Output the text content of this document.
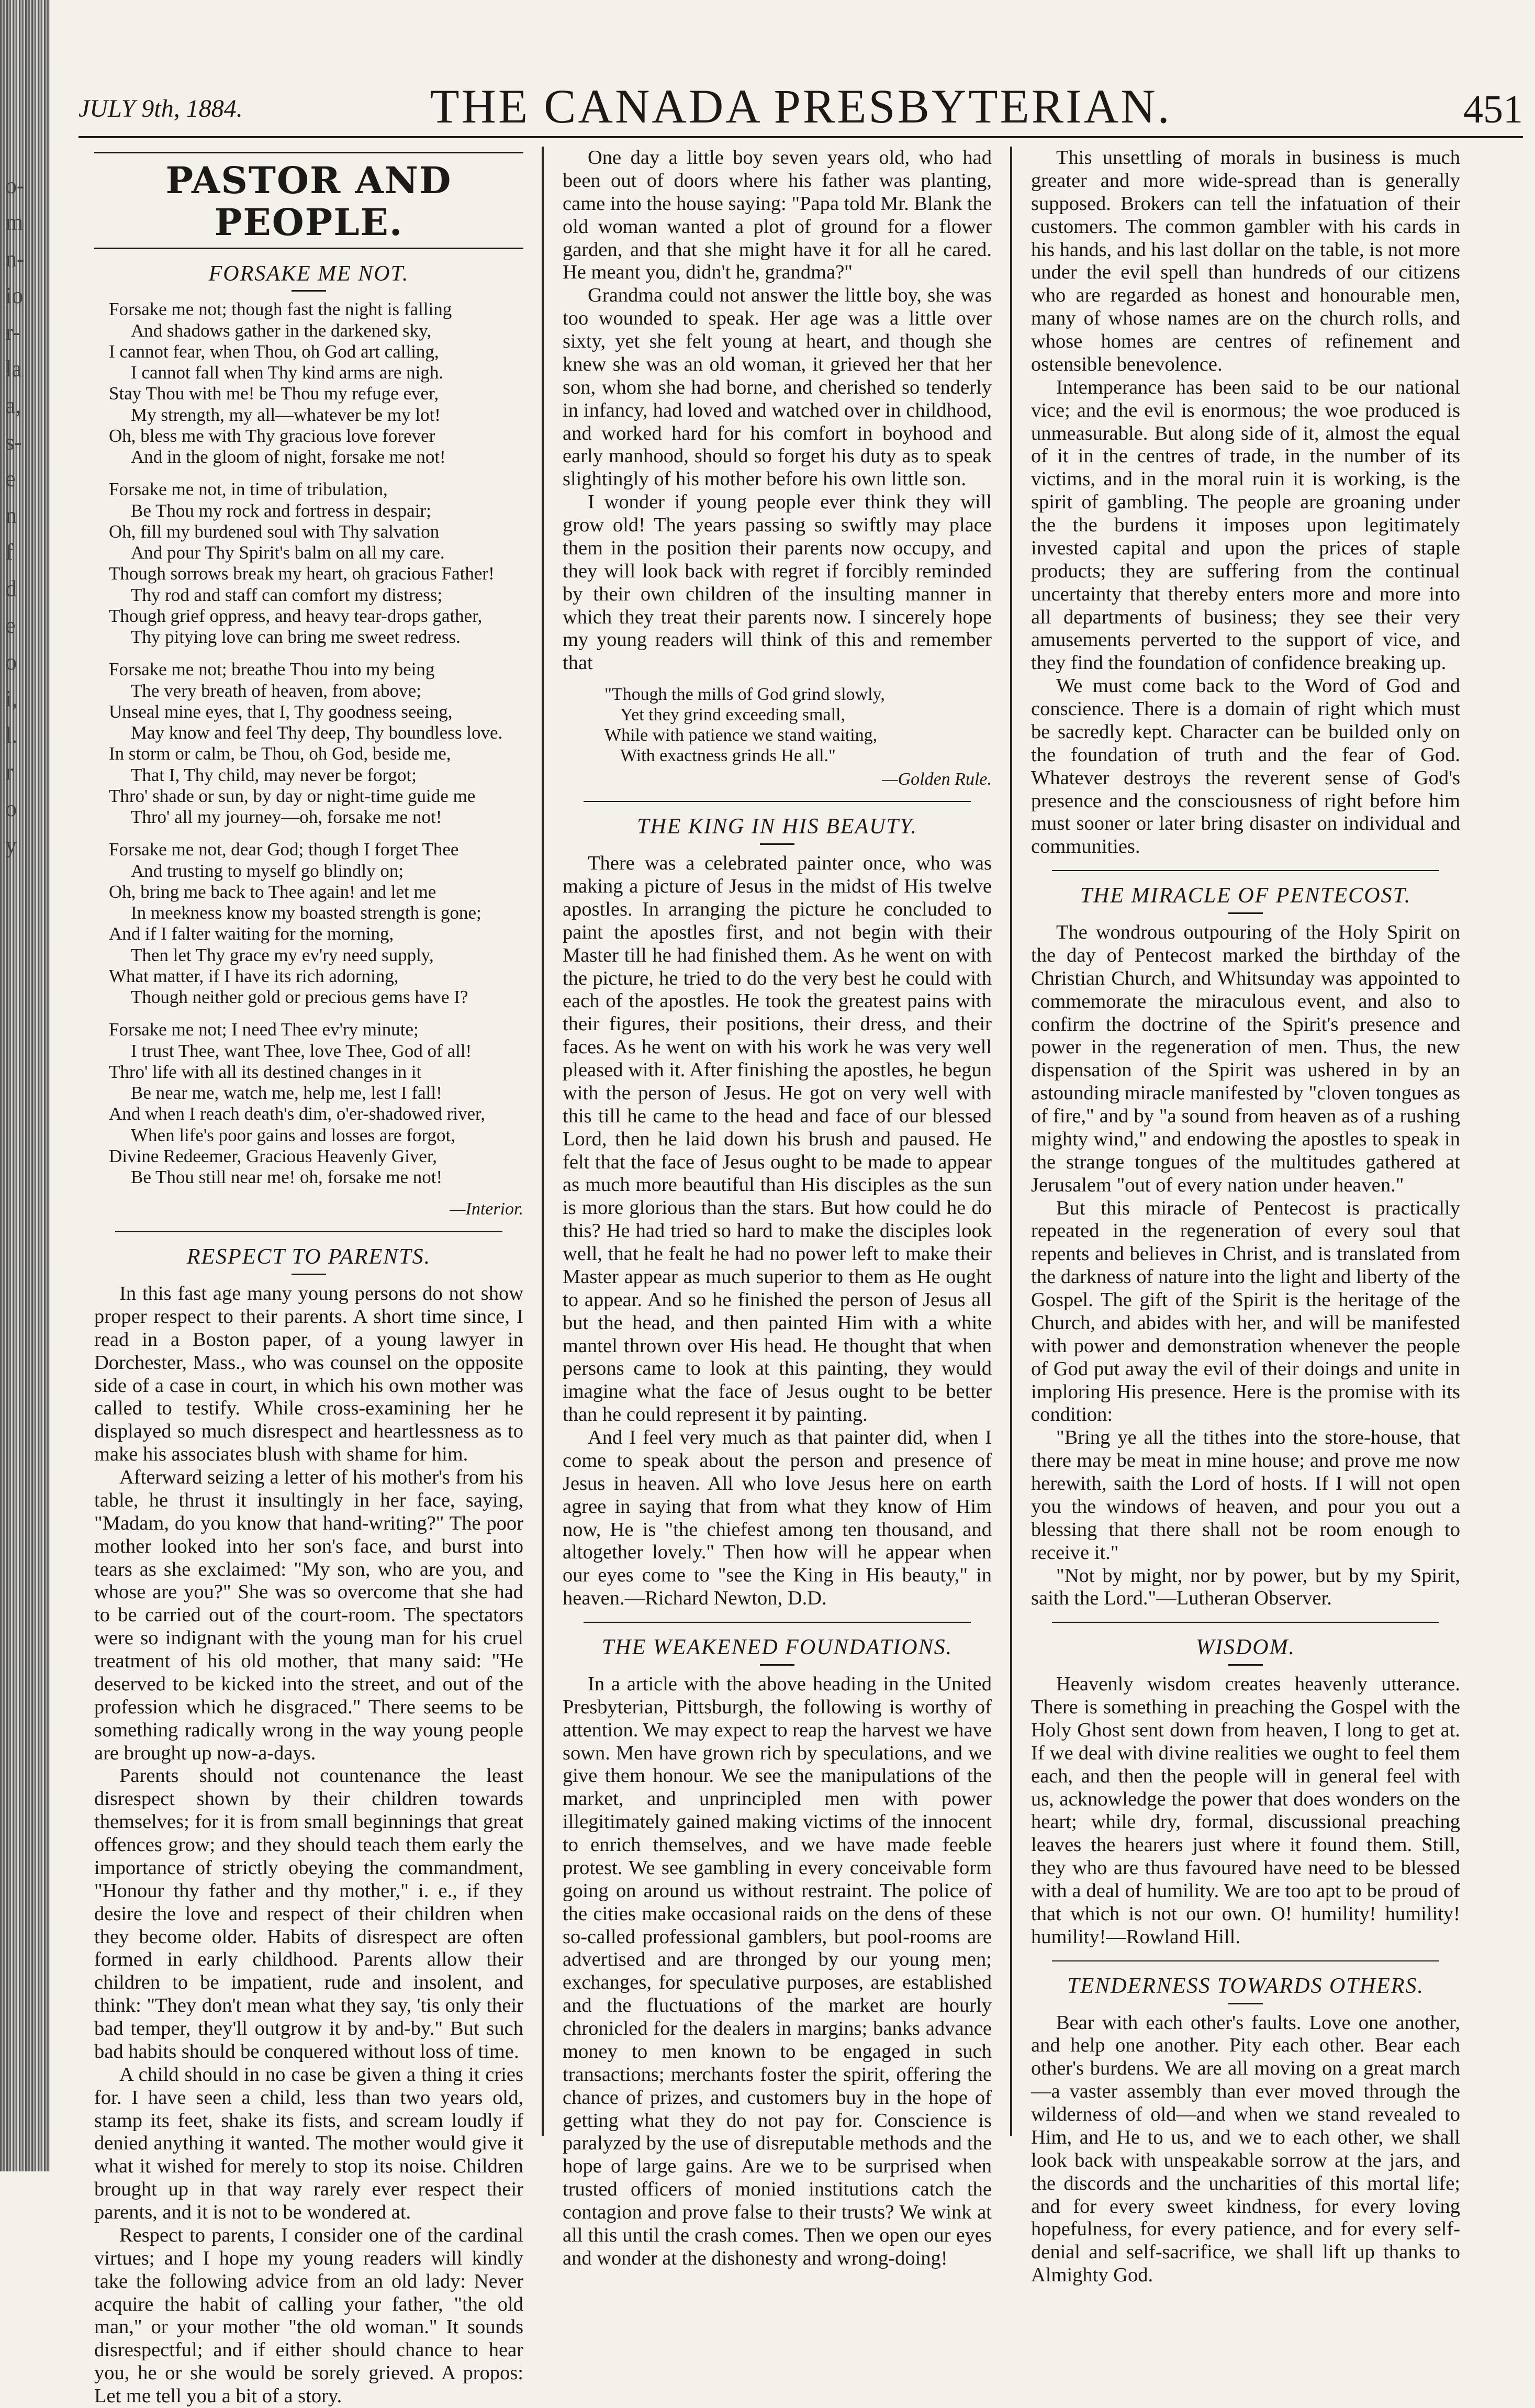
o-
m
n-
io
r-
la
a,
s-
e
n
f
d
e
o
i,
l.
r
o
y
JULY 9th, 1884.	THE CANADA PRESBYTERIAN.	451
PASTOR AND PEOPLE.
FORSAKE ME NOT.
Forsake me not; though fast the night is falling
And shadows gather in the darkened sky,
I cannot fear, when Thou, oh God art calling,
I cannot fall when Thy kind arms are nigh.
Stay Thou with me! be Thou my refuge ever,
My strength, my all—whatever be my lot!
Oh, bless me with Thy gracious love forever
And in the gloom of night, forsake me not!
Forsake me not, in time of tribulation,
Be Thou my rock and fortress in despair;
Oh, fill my burdened soul with Thy salvation
And pour Thy Spirit's balm on all my care.
Though sorrows break my heart, oh gracious Father!
Thy rod and staff can comfort my distress;
Though grief oppress, and heavy tear-drops gather,
Thy pitying love can bring me sweet redress.
Forsake me not; breathe Thou into my being
The very breath of heaven, from above;
Unseal mine eyes, that I, Thy goodness seeing,
May know and feel Thy deep, Thy boundless love.
In storm or calm, be Thou, oh God, beside me,
That I, Thy child, may never be forgot;
Thro' shade or sun, by day or night-time guide me
Thro' all my journey—oh, forsake me not!
Forsake me not, dear God; though I forget Thee
And trusting to myself go blindly on;
Oh, bring me back to Thee again! and let me
In meekness know my boasted strength is gone;
And if I falter waiting for the morning,
Then let Thy grace my ev'ry need supply,
What matter, if I have its rich adorning,
Though neither gold or precious gems have I?
Forsake me not; I need Thee ev'ry minute;
I trust Thee, want Thee, love Thee, God of all!
Thro' life with all its destined changes in it
Be near me, watch me, help me, lest I fall!
And when I reach death's dim, o'er-shadowed river,
When life's poor gains and losses are forgot,
Divine Redeemer, Gracious Heavenly Giver,
Be Thou still near me! oh, forsake me not!
—Interior.
RESPECT TO PARENTS.

In this fast age many young persons do not show proper respect to their parents. A short time since, I read in a Boston paper, of a young lawyer in Dorchester, Mass., who was counsel on the opposite side of a case in court, in which his own mother was called to testify. While cross-examining her he displayed so much disrespect and heartlessness as to make his associates blush with shame for him.

Afterward seizing a letter of his mother's from his table, he thrust it insultingly in her face, saying, "Madam, do you know that hand-writing?" The poor mother looked into her son's face, and burst into tears as she exclaimed: "My son, who are you, and whose are you?" She was so overcome that she had to be carried out of the court-room. The spectators were so indignant with the young man for his cruel treatment of his old mother, that many said: "He deserved to be kicked into the street, and out of the profession which he disgraced." There seems to be something radically wrong in the way young people are brought up now-a-days.

Parents should not countenance the least disrespect shown by their children towards themselves; for it is from small beginnings that great offences grow; and they should teach them early the importance of strictly obeying the commandment, "Honour thy father and thy mother," i. e., if they desire the love and respect of their children when they become older. Habits of disrespect are often formed in early childhood. Parents allow their children to be impatient, rude and insolent, and think: "They don't mean what they say, 'tis only their bad temper, they'll outgrow it by and-by." But such bad habits should be conquered without loss of time.

A child should in no case be given a thing it cries for. I have seen a child, less than two years old, stamp its feet, shake its fists, and scream loudly if denied anything it wanted. The mother would give it what it wished for merely to stop its noise. Children brought up in that way rarely ever respect their parents, and it is not to be wondered at.

Respect to parents, I consider one of the cardinal virtues; and I hope my young readers will kindly take the following advice from an old lady: Never acquire the habit of calling your father, "the old man," or your mother "the old woman." It sounds disrespectful; and if either should chance to hear you, he or she would be sorely grieved. A propos: Let me tell you a bit of a story.

One day a little boy seven years old, who had been out of doors where his father was planting, came into the house saying: "Papa told Mr. Blank the old woman wanted a plot of ground for a flower garden, and that she might have it for all he cared. He meant you, didn't he, grandma?"

Grandma could not answer the little boy, she was too wounded to speak. Her age was a little over sixty, yet she felt young at heart, and though she knew she was an old woman, it grieved her that her son, whom she had borne, and cherished so tenderly in infancy, had loved and watched over in childhood, and worked hard for his comfort in boyhood and early manhood, should so forget his duty as to speak slightingly of his mother before his own little son.

I wonder if young people ever think they will grow old! The years passing so swiftly may place them in the position their parents now occupy, and they will look back with regret if forcibly reminded by their own children of the insulting manner in which they treat their parents now. I sincerely hope my young readers will think of this and remember that

"Though the mills of God grind slowly,
Yet they grind exceeding small,
While with patience we stand waiting,
With exactness grinds He all."
—Golden Rule.
THE KING IN HIS BEAUTY.

There was a celebrated painter once, who was making a picture of Jesus in the midst of His twelve apostles. In arranging the picture he concluded to paint the apostles first, and not begin with their Master till he had finished them. As he went on with the picture, he tried to do the very best he could with each of the apostles. He took the greatest pains with their figures, their positions, their dress, and their faces. As he went on with his work he was very well pleased with it. After finishing the apostles, he begun with the person of Jesus. He got on very well with this till he came to the head and face of our blessed Lord, then he laid down his brush and paused. He felt that the face of Jesus ought to be made to appear as much more beautiful than His disciples as the sun is more glorious than the stars. But how could he do this? He had tried so hard to make the disciples look well, that he fealt he had no power left to make their Master appear as much superior to them as He ought to appear. And so he finished the person of Jesus all but the head, and then painted Him with a white mantel thrown over His head. He thought that when persons came to look at this painting, they would imagine what the face of Jesus ought to be better than he could represent it by painting.

And I feel very much as that painter did, when I come to speak about the person and presence of Jesus in heaven. All who love Jesus here on earth agree in saying that from what they know of Him now, He is "the chiefest among ten thousand, and altogether lovely." Then how will he appear when our eyes come to "see the King in His beauty," in heaven.—Richard Newton, D.D.

THE WEAKENED FOUNDATIONS.

In a article with the above heading in the United Presbyterian, Pittsburgh, the following is worthy of attention. We may expect to reap the harvest we have sown. Men have grown rich by speculations, and we give them honour. We see the manipulations of the market, and unprincipled men with power illegitimately gained making victims of the innocent to enrich themselves, and we have made feeble protest. We see gambling in every conceivable form going on around us without restraint. The police of the cities make occasional raids on the dens of these so-called professional gamblers, but pool-rooms are advertised and are thronged by our young men; exchanges, for speculative purposes, are established and the fluctuations of the market are hourly chronicled for the dealers in margins; banks advance money to men known to be engaged in such transactions; merchants foster the spirit, offering the chance of prizes, and customers buy in the hope of getting what they do not pay for. Conscience is paralyzed by the use of disreputable methods and the hope of large gains. Are we to be surprised when trusted officers of monied institutions catch the contagion and prove false to their trusts? We wink at all this until the crash comes. Then we open our eyes and wonder at the dishonesty and wrong-doing!

This unsettling of morals in business is much greater and more wide-spread than is generally supposed. Brokers can tell the infatuation of their customers. The common gambler with his cards in his hands, and his last dollar on the table, is not more under the evil spell than hundreds of our citizens who are regarded as honest and honourable men, many of whose names are on the church rolls, and whose homes are centres of refinement and ostensible benevolence.

Intemperance has been said to be our national vice; and the evil is enormous; the woe produced is unmeasurable. But along side of it, almost the equal of it in the centres of trade, in the number of its victims, and in the moral ruin it is working, is the spirit of gambling. The people are groaning under the the burdens it imposes upon legitimately invested capital and upon the prices of staple products; they are suffering from the continual uncertainty that thereby enters more and more into all departments of business; they see their very amusements perverted to the support of vice, and they find the foundation of confidence breaking up.

We must come back to the Word of God and conscience. There is a domain of right which must be sacredly kept. Character can be builded only on the foundation of truth and the fear of God. Whatever destroys the reverent sense of God's presence and the consciousness of right before him must sooner or later bring disaster on individual and communities.

THE MIRACLE OF PENTECOST.

The wondrous outpouring of the Holy Spirit on the day of Pentecost marked the birthday of the Christian Church, and Whitsunday was appointed to commemorate the miraculous event, and also to confirm the doctrine of the Spirit's presence and power in the regeneration of men. Thus, the new dispensation of the Spirit was ushered in by an astounding miracle manifested by "cloven tongues as of fire," and by "a sound from heaven as of a rushing mighty wind," and endowing the apostles to speak in the strange tongues of the multitudes gathered at Jerusalem "out of every nation under heaven."

But this miracle of Pentecost is practically repeated in the regeneration of every soul that repents and believes in Christ, and is translated from the darkness of nature into the light and liberty of the Gospel. The gift of the Spirit is the heritage of the Church, and abides with her, and will be manifested with power and demonstration whenever the people of God put away the evil of their doings and unite in imploring His presence. Here is the promise with its condition:

"Bring ye all the tithes into the store-house, that there may be meat in mine house; and prove me now herewith, saith the Lord of hosts. If I will not open you the windows of heaven, and pour you out a blessing that there shall not be room enough to receive it."

"Not by might, nor by power, but by my Spirit, saith the Lord."—Lutheran Observer.

WISDOM.

Heavenly wisdom creates heavenly utterance. There is something in preaching the Gospel with the Holy Ghost sent down from heaven, I long to get at. If we deal with divine realities we ought to feel them each, and then the people will in general feel with us, acknowledge the power that does wonders on the heart; while dry, formal, discussional preaching leaves the hearers just where it found them. Still, they who are thus favoured have need to be blessed with a deal of humility. We are too apt to be proud of that which is not our own. O! humility! humility! humility!—Rowland Hill.

TENDERNESS TOWARDS OTHERS.

Bear with each other's faults. Love one another, and help one another. Pity each other. Bear each other's burdens. We are all moving on a great march—a vaster assembly than ever moved through the wilderness of old—and when we stand revealed to Him, and He to us, and we to each other, we shall look back with unspeakable sorrow at the jars, and the discords and the uncharities of this mortal life; and for every sweet kindness, for every loving hopefulness, for every patience, and for every self-denial and self-sacrifice, we shall lift up thanks to Almighty God.
